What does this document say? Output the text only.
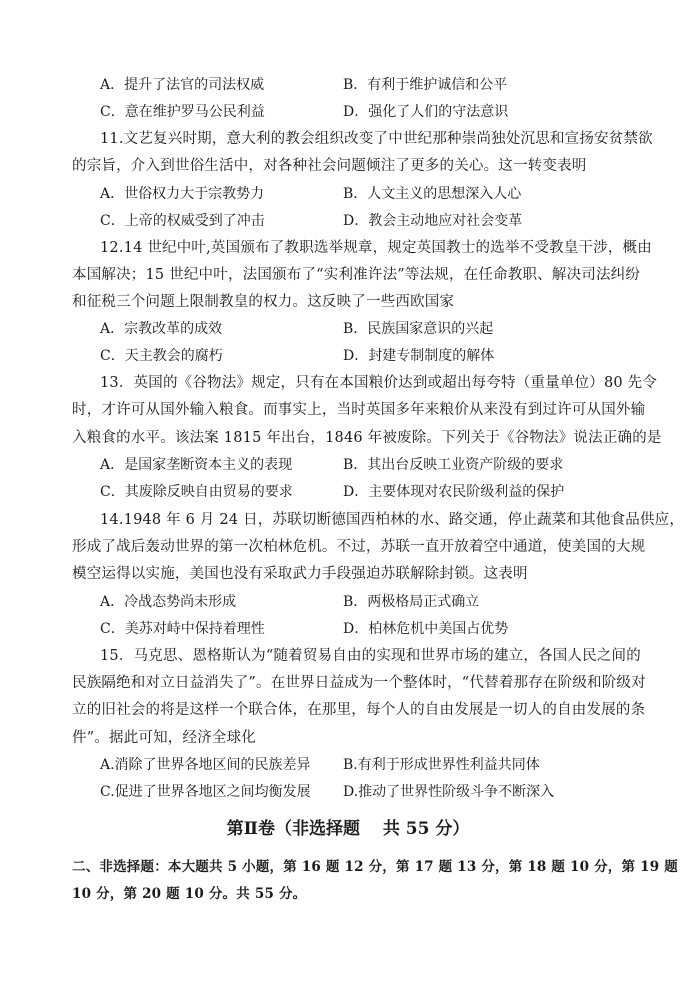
A．提升了法官的司法权威	B．有利于维护诚信和公平
C．意在维护罗马公民利益	D．强化了人们的守法意识
11.文艺复兴时期，意大利的教会组织改变了中世纪那种崇尚独处沉思和宣扬安贫禁欲
的宗旨，介入到世俗生活中，对各种社会问题倾注了更多的关心。这一转变表明
A．世俗权力大于宗教势力	B．人文主义的思想深入人心
C．上帝的权威受到了冲击	D．教会主动地应对社会变革
12.14 世纪中叶,英国颁布了教职选举规章，规定英国教士的选举不受教皇干涉，概由
本国解决；15 世纪中叶，法国颁布了“实利准许法”等法规，在任命教职、解决司法纠纷
和征税三个问题上限制教皇的权力。这反映了一些西欧国家
A．宗教改革的成效	B．民族国家意识的兴起
C．天主教会的腐朽	D．封建专制制度的解体
13．英国的《谷物法》规定，只有在本国粮价达到或超出每夸特（重量单位）80 先令
时，才许可从国外输入粮食。而事实上，当时英国多年来粮价从来没有到过许可从国外输
入粮食的水平。该法案 1815 年出台，1846 年被废除。下列关于《谷物法》说法正确的是
A．是国家垄断资本主义的表现	B．其出台反映工业资产阶级的要求
C．其废除反映自由贸易的要求	D．主要体现对农民阶级利益的保护
14.1948 年 6 月 24 日，苏联切断德国西柏林的水、路交通，停止蔬菜和其他食品供应，
形成了战后轰动世界的第一次柏林危机。不过，苏联一直开放着空中通道，使美国的大规
模空运得以实施，美国也没有采取武力手段强迫苏联解除封锁。这表明
A．冷战态势尚未形成	B．两极格局正式确立
C．美苏对峙中保持着理性	D．柏林危机中美国占优势
15．马克思、恩格斯认为“随着贸易自由的实现和世界市场的建立，各国人民之间的
民族隔绝和对立日益消失了”。在世界日益成为一个整体时，“代替着那存在阶级和阶级对
立的旧社会的将是这样一个联合体，在那里，每个人的自由发展是一切人的自由发展的条
件”。据此可知，经济全球化
A.消除了世界各地区间的民族差异 B.有利于形成世界性利益共同体
C.促进了世界各地区之间均衡发展 D.推动了世界性阶级斗争不断深入
第Ⅱ卷（非选择题　 共 55 分）
二、非选择题：本大题共 5 小题，第 16 题 12 分，第 17 题 13 分，第 18 题 10 分，第 19 题
10 分，第 20 题 10 分。共 55 分。
